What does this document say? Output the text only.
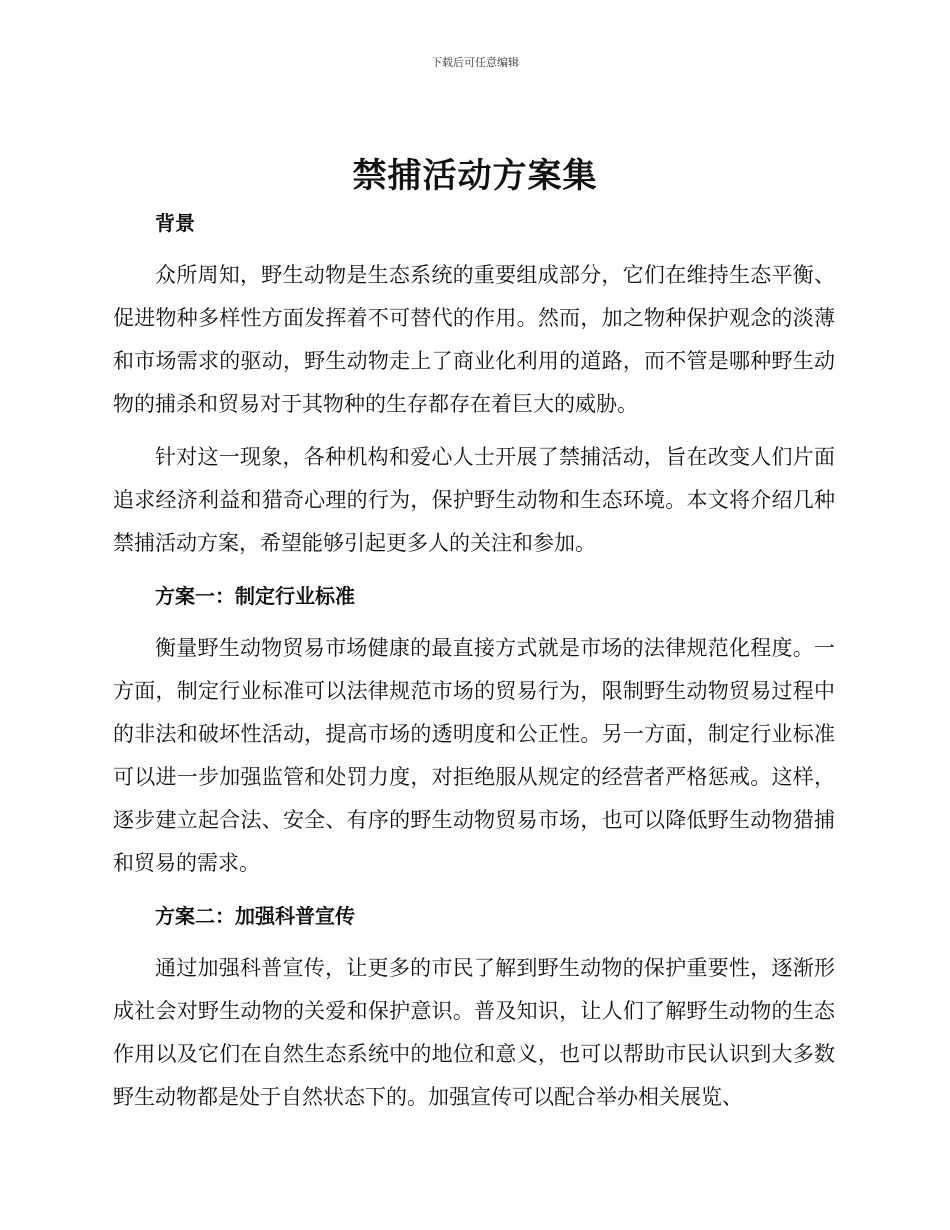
下载后可任意编辑
禁捕活动方案集
背景

众所周知，野生动物是生态系统的重要组成部分，它们在维持生态平衡、促进物种多样性方面发挥着不可替代的作用。然而，加之物种保护观念的淡薄和市场需求的驱动，野生动物走上了商业化利用的道路，而不管是哪种野生动物的捕杀和贸易对于其物种的生存都存在着巨大的威胁。

针对这一现象，各种机构和爱心人士开展了禁捕活动，旨在改变人们片面追求经济利益和猎奇心理的行为，保护野生动物和生态环境。本文将介绍几种禁捕活动方案，希望能够引起更多人的关注和参加。

方案一：制定行业标准

衡量野生动物贸易市场健康的最直接方式就是市场的法律规范化程度。一方面，制定行业标准可以法律规范市场的贸易行为，限制野生动物贸易过程中的非法和破坏性活动，提高市场的透明度和公正性。另一方面，制定行业标准可以进一步加强监管和处罚力度，对拒绝服从规定的经营者严格惩戒。这样，逐步建立起合法、安全、有序的野生动物贸易市场，也可以降低野生动物猎捕和贸易的需求。

方案二：加强科普宣传

通过加强科普宣传，让更多的市民了解到野生动物的保护重要性，逐渐形成社会对野生动物的关爱和保护意识。普及知识，让人们了解野生动物的生态作用以及它们在自然生态系统中的地位和意义，也可以帮助市民认识到大多数野生动物都是处于自然状态下的。加强宣传可以配合举办相关展览、
